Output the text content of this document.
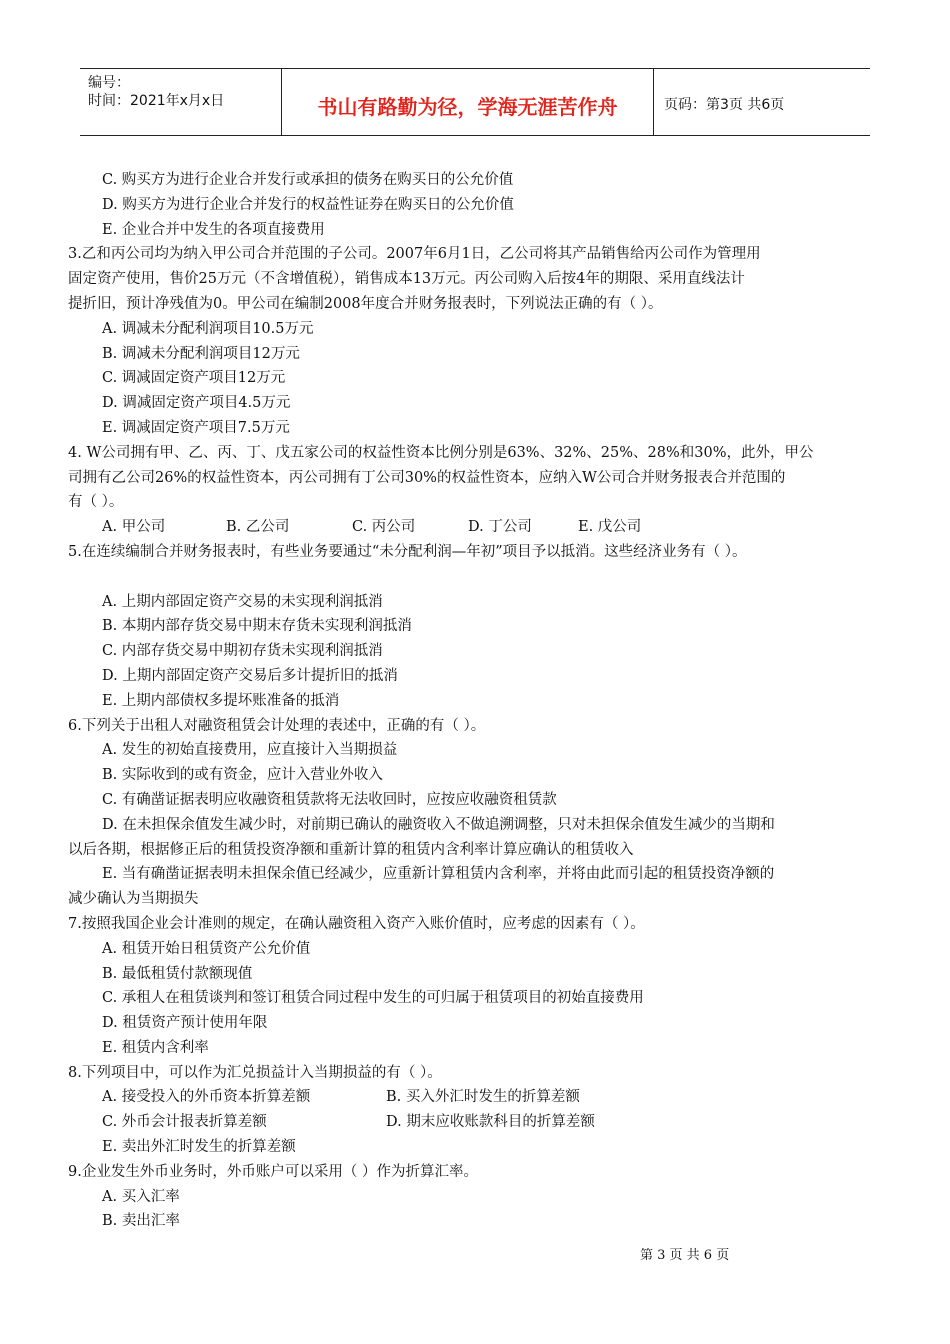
编号：
时间：2021年x月x日	书山有路勤为径，学海无涯苦作舟	页码：第3页 共6页
C. 购买方为进行企业合并发行或承担的债务在购买日的公允价值
D. 购买方为进行企业合并发行的权益性证券在购买日的公允价值
E. 企业合并中发生的各项直接费用
3.乙和丙公司均为纳入甲公司合并范围的子公司。2007年6月1日，乙公司将其产品销售给丙公司作为管理用
固定资产使用，售价25万元（不含增值税），销售成本13万元。丙公司购入后按4年的期限、采用直线法计
提折旧，预计净残值为0。甲公司在编制2008年度合并财务报表时，下列说法正确的有（ ）。
A. 调减未分配利润项目10.5万元
B. 调减未分配利润项目12万元
C. 调减固定资产项目12万元
D. 调减固定资产项目4.5万元
E. 调减固定资产项目7.5万元
4. W公司拥有甲、乙、丙、丁、戊五家公司的权益性资本比例分别是63%、32%、25%、28%和30%，此外，甲公
司拥有乙公司26%的权益性资本，丙公司拥有丁公司30%的权益性资本，应纳入W公司合并财务报表合并范围的
有（ ）。
A. 甲公司	B. 乙公司	C. 丙公司	D. 丁公司	E. 戊公司
5.在连续编制合并财务报表时，有些业务要通过“未分配利润—年初”项目予以抵消。这些经济业务有（ ）。
A. 上期内部固定资产交易的未实现利润抵消
B. 本期内部存货交易中期末存货未实现利润抵消
C. 内部存货交易中期初存货未实现利润抵消
D. 上期内部固定资产交易后多计提折旧的抵消
E. 上期内部债权多提坏账准备的抵消
6.下列关于出租人对融资租赁会计处理的表述中，正确的有（ ）。
A. 发生的初始直接费用，应直接计入当期损益
B. 实际收到的或有资金，应计入营业外收入
C. 有确凿证据表明应收融资租赁款将无法收回时，应按应收融资租赁款
D. 在未担保余值发生减少时，对前期已确认的融资收入不做追溯调整，只对未担保余值发生减少的当期和
以后各期，根据修正后的租赁投资净额和重新计算的租赁内含利率计算应确认的租赁收入
E. 当有确凿证据表明未担保余值已经减少，应重新计算租赁内含利率，并将由此而引起的租赁投资净额的
减少确认为当期损失
7.按照我国企业会计准则的规定，在确认融资租入资产入账价值时，应考虑的因素有（ ）。
A. 租赁开始日租赁资产公允价值
B. 最低租赁付款额现值
C. 承租人在租赁谈判和签订租赁合同过程中发生的可归属于租赁项目的初始直接费用
D. 租赁资产预计使用年限
E. 租赁内含利率
8.下列项目中，可以作为汇兑损益计入当期损益的有（ ）。
A. 接受投入的外币资本折算差额	B. 买入外汇时发生的折算差额
C. 外币会计报表折算差额	D. 期末应收账款科目的折算差额
E. 卖出外汇时发生的折算差额
9.企业发生外币业务时，外币账户可以采用（ ）作为折算汇率。
A. 买入汇率
B. 卖出汇率
第 3 页 共 6 页
